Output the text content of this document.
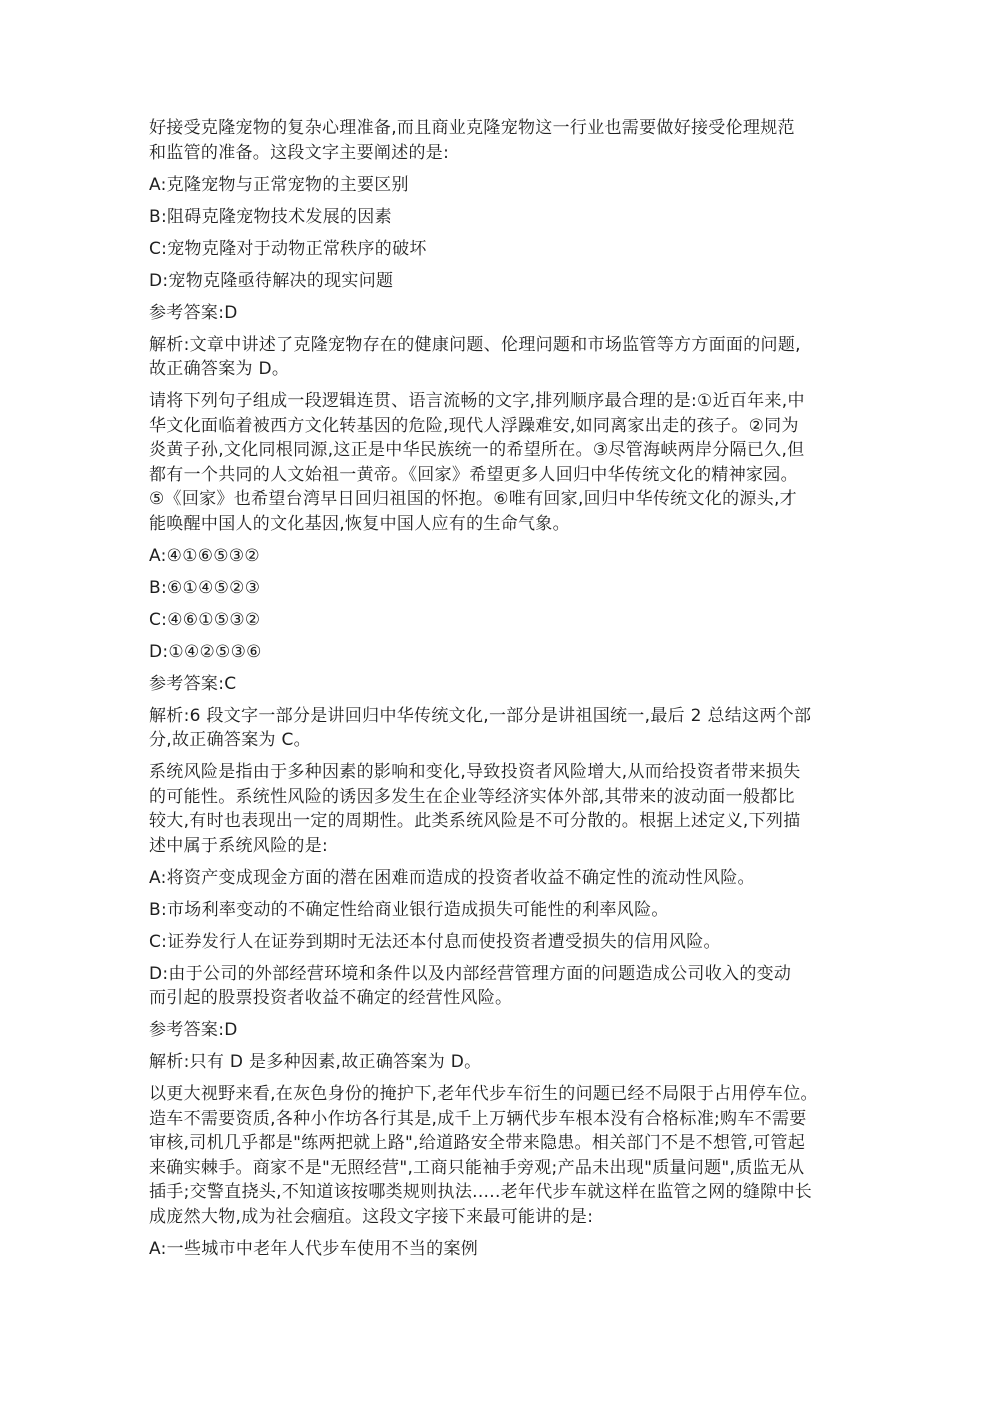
好接受克隆宠物的复杂心理准备,而且商业克隆宠物这一行业也需要做好接受伦理规范
和监管的准备。这段文字主要阐述的是:

A:克隆宠物与正常宠物的主要区别

B:阻碍克隆宠物技术发展的因素

C:宠物克隆对于动物正常秩序的破坏

D:宠物克隆亟待解决的现实问题

参考答案:D

解析:文章中讲述了克隆宠物存在的健康问题、伦理问题和市场监管等方方面面的问题,
故正确答案为 D。

请将下列句子组成一段逻辑连贯、语言流畅的文字,排列顺序最合理的是:①近百年来,中
华文化面临着被西方文化转基因的危险,现代人浮躁难安,如同离家出走的孩子。②同为
炎黄子孙,文化同根同源,这正是中华民族统一的希望所在。③尽管海峡两岸分隔已久,但
都有一个共同的人文始祖一黄帝。《回家》希望更多人回归中华传统文化的精神家园。
⑤《回家》也希望台湾早日回归祖国的怀抱。⑥唯有回家,回归中华传统文化的源头,才
能唤醒中国人的文化基因,恢复中国人应有的生命气象。

A:④①⑥⑤③②

B:⑥①④⑤②③

C:④⑥①⑤③②

D:①④②⑤③⑥

参考答案:C

解析:6 段文字一部分是讲回归中华传统文化,一部分是讲祖国统一,最后 2 总结这两个部
分,故正确答案为 C。

系统风险是指由于多种因素的影响和变化,导致投资者风险增大,从而给投资者带来损失
的可能性。系统性风险的诱因多发生在企业等经济实体外部,其带来的波动面一般都比
较大,有时也表现出一定的周期性。此类系统风险是不可分散的。根据上述定义,下列描
述中属于系统风险的是:

A:将资产变成现金方面的潜在困难而造成的投资者收益不确定性的流动性风险。

B:市场利率变动的不确定性给商业银行造成损失可能性的利率风险。

C:证券发行人在证券到期时无法还本付息而使投资者遭受损失的信用风险。

D:由于公司的外部经营环境和条件以及内部经营管理方面的问题造成公司收入的变动
而引起的股票投资者收益不确定的经营性风险。

参考答案:D

解析:只有 D 是多种因素,故正确答案为 D。

以更大视野来看,在灰色身份的掩护下,老年代步车衍生的问题已经不局限于占用停车位。
造车不需要资质,各种小作坊各行其是,成千上万辆代步车根本没有合格标准;购车不需要
审核,司机几乎都是"练两把就上路",给道路安全带来隐患。相关部门不是不想管,可管起
来确实棘手。商家不是"无照经营",工商只能袖手旁观;产品未出现"质量问题",质监无从
插手;交警直挠头,不知道该按哪类规则执法.....老年代步车就这样在监管之网的缝隙中长
成庞然大物,成为社会痼疽。这段文字接下来最可能讲的是:

A:一些城市中老年人代步车使用不当的案例
